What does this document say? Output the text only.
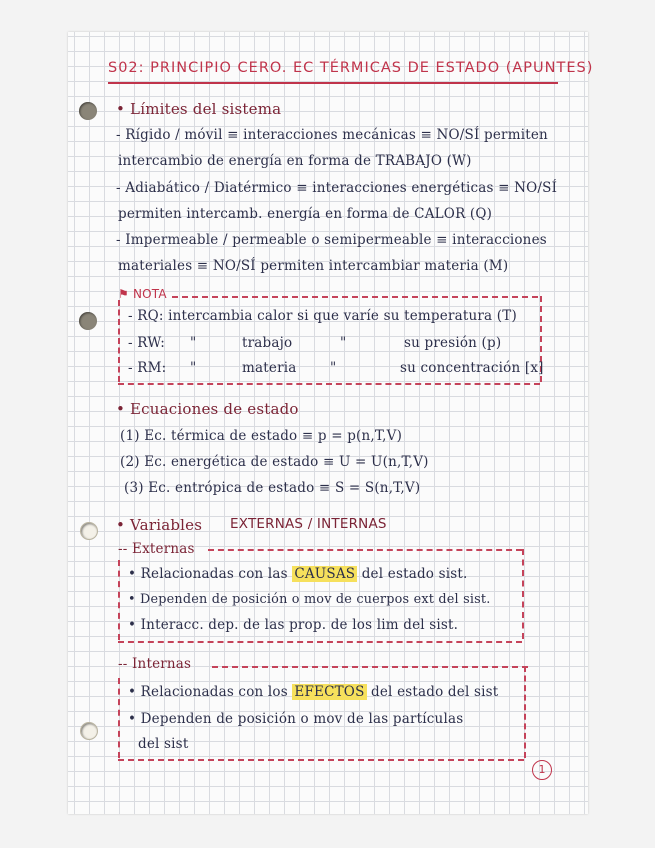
S02: PRINCIPIO CERO. EC TÉRMICAS DE ESTADO (APUNTES)
• Límites del sistema
- Rígido / móvil ≡ interacciones mecánicas ≡ NO/SÍ permiten
intercambio de energía en forma de TRABAJO (W)
- Adiabático / Diatérmico ≡ interacciones energéticas ≡ NO/SÍ
permiten intercamb. energía en forma de CALOR (Q)
- Impermeable / permeable o semipermeable ≡ interacciones
materiales ≡ NO/SÍ permiten intercambiar materia (M)
⚑ NOTA
- RQ: intercambia calor si que varíe su temperatura (T)
- RW: "	trabajo	"	su presión (p)
- RM: "	materia "	su concentración [x]
• Ecuaciones de estado
(1) Ec. térmica de estado ≡ p = p(n,T,V)
(2) Ec. energética de estado ≡ U = U(n,T,V)
(3) Ec. entrópica de estado ≡ S = S(n,T,V)
• Variables EXTERNAS / INTERNAS
-- Externas
• Relacionadas con las CAUSAS del estado sist.
• Dependen de posición o mov de cuerpos ext del sist.
• Interacc. dep. de las prop. de los lim del sist.
-- Internas
• Relacionadas con los EFECTOS del estado del sist
• Dependen de posición o mov de las partículas
del sist
1
